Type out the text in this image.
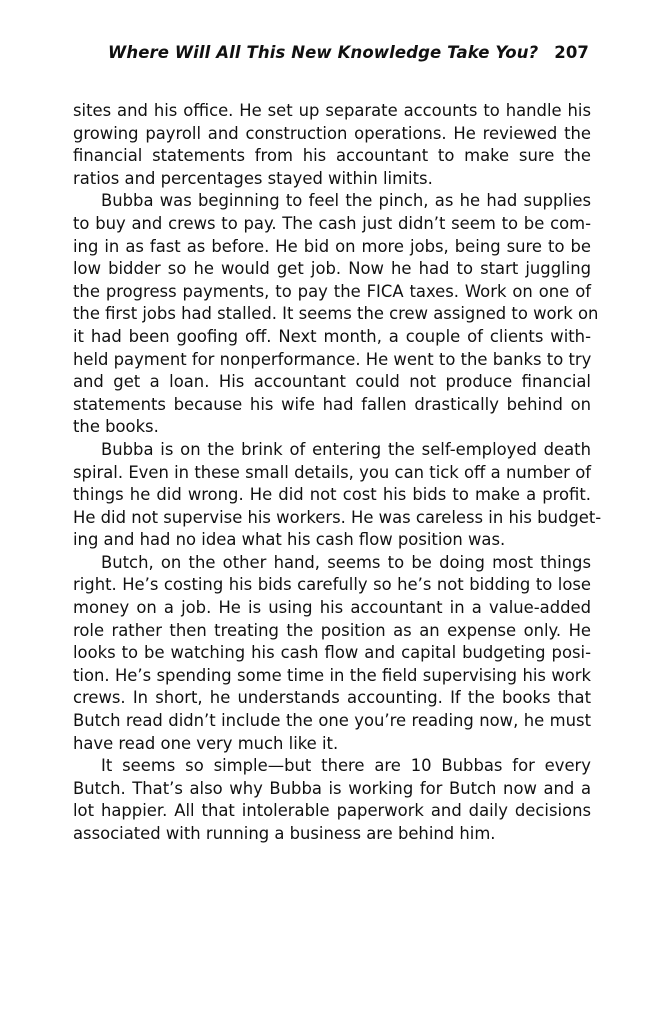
Where Will All This New Knowledge Take You? 207
sites and his office. He set up separate accounts to handle his
growing payroll and construction operations. He reviewed the
financial statements from his accountant to make sure the
ratios and percentages stayed within limits.
Bubba was beginning to feel the pinch, as he had supplies
to buy and crews to pay. The cash just didn’t seem to be com-
ing in as fast as before. He bid on more jobs, being sure to be
low bidder so he would get job. Now he had to start juggling
the progress payments, to pay the FICA taxes. Work on one of
the first jobs had stalled. It seems the crew assigned to work on
it had been goofing off. Next month, a couple of clients with-
held payment for nonperformance. He went to the banks to try
and get a loan. His accountant could not produce financial
statements because his wife had fallen drastically behind on
the books.
Bubba is on the brink of entering the self-employed death
spiral. Even in these small details, you can tick off a number of
things he did wrong. He did not cost his bids to make a profit.
He did not supervise his workers. He was careless in his budget-
ing and had no idea what his cash flow position was.
Butch, on the other hand, seems to be doing most things
right. He’s costing his bids carefully so he’s not bidding to lose
money on a job. He is using his accountant in a value-added
role rather then treating the position as an expense only. He
looks to be watching his cash flow and capital budgeting posi-
tion. He’s spending some time in the field supervising his work
crews. In short, he understands accounting. If the books that
Butch read didn’t include the one you’re reading now, he must
have read one very much like it.
It seems so simple—but there are 10 Bubbas for every
Butch. That’s also why Bubba is working for Butch now and a
lot happier. All that intolerable paperwork and daily decisions
associated with running a business are behind him.
